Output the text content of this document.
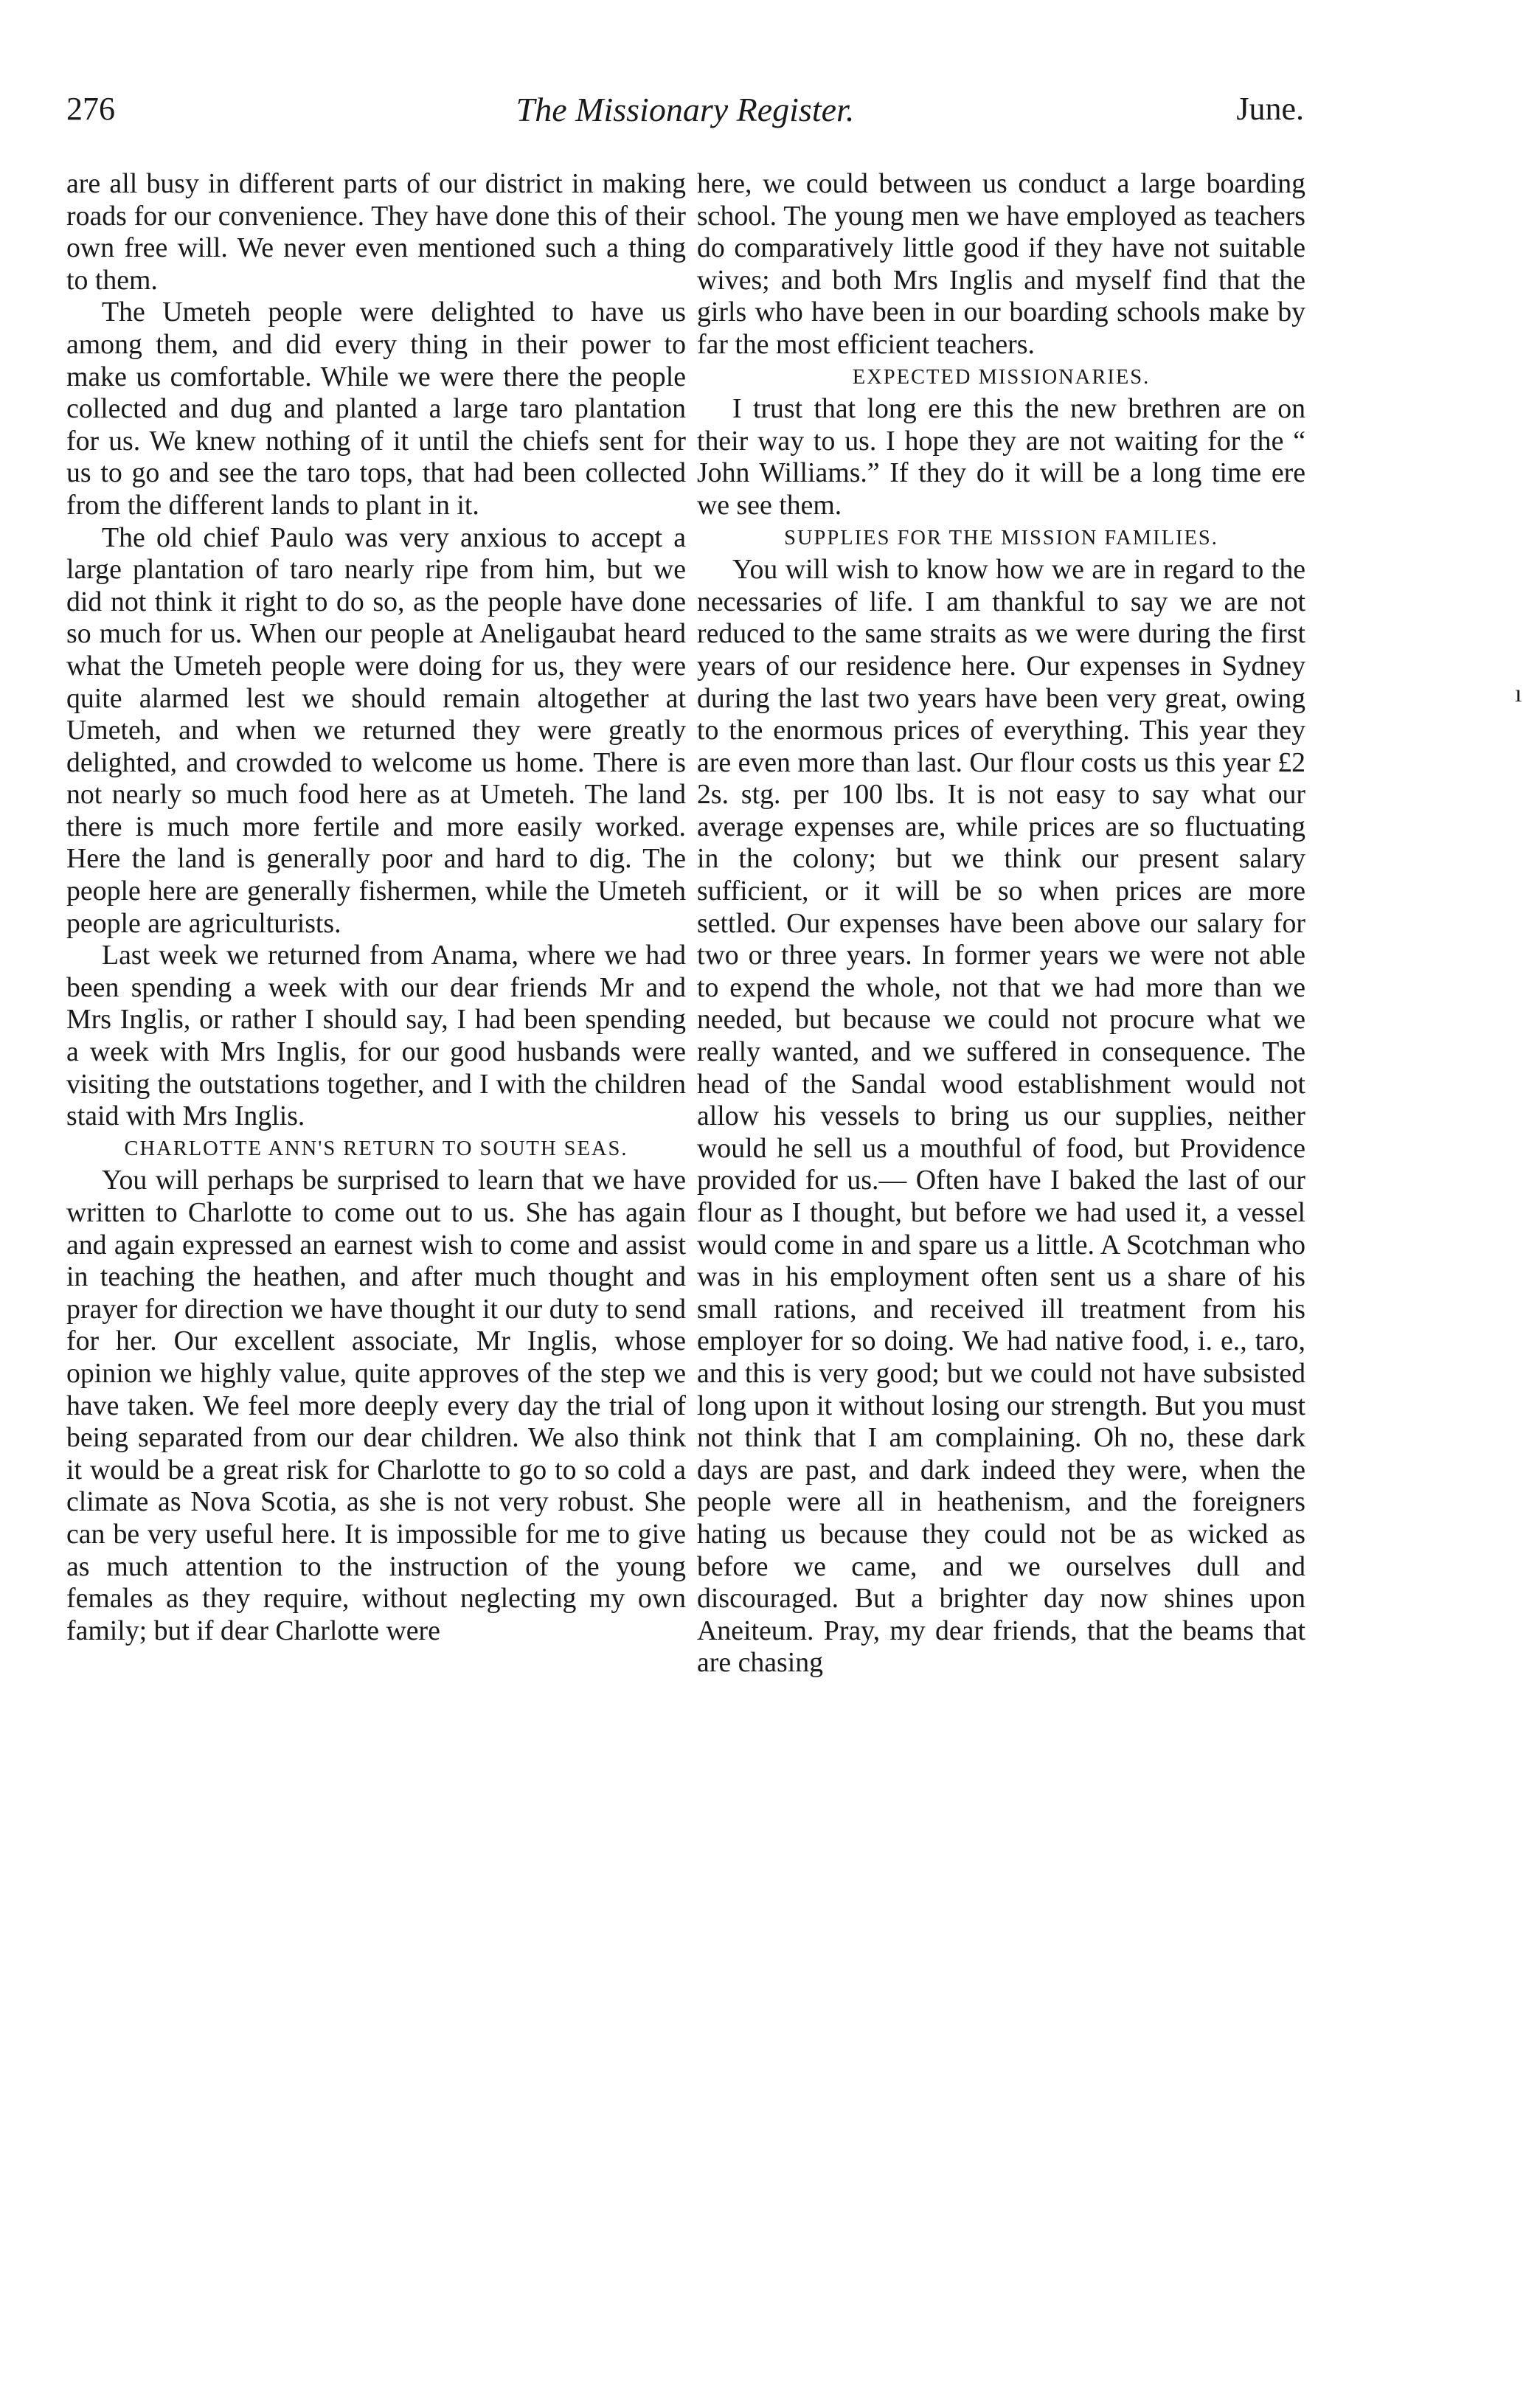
276	The Missionary Register.	June.

are all busy in different parts of our district in making roads for our convenience. They have done this of their own free will. We never even mentioned such a thing to them.

The Umeteh people were delighted to have us among them, and did every thing in their power to make us comfortable. While we were there the people collected and dug and planted a large taro plantation for us. We knew nothing of it until the chiefs sent for us to go and see the taro tops, that had been collected from the different lands to plant in it.

The old chief Paulo was very anxious to accept a large plantation of taro nearly ripe from him, but we did not think it right to do so, as the people have done so much for us. When our people at Aneligaubat heard what the Umeteh people were doing for us, they were quite alarmed lest we should remain altogether at Umeteh, and when we returned they were greatly delighted, and crowded to welcome us home. There is not nearly so much food here as at Umeteh. The land there is much more fertile and more easily worked. Here the land is generally poor and hard to dig. The people here are generally fishermen, while the Umeteh people are agriculturists.

Last week we returned from Anama, where we had been spending a week with our dear friends Mr and Mrs Inglis, or rather I should say, I had been spending a week with Mrs Inglis, for our good husbands were visiting the outstations together, and I with the children staid with Mrs Inglis.

CHARLOTTE ANN'S RETURN TO SOUTH SEAS.

You will perhaps be surprised to learn that we have written to Charlotte to come out to us. She has again and again expressed an earnest wish to come and assist in teaching the heathen, and after much thought and prayer for direction we have thought it our duty to send for her. Our excellent associate, Mr Inglis, whose opinion we highly value, quite approves of the step we have taken. We feel more deeply every day the trial of being separated from our dear children. We also think it would be a great risk for Charlotte to go to so cold a climate as Nova Scotia, as she is not very robust. She can be very useful here. It is impossible for me to give as much attention to the instruction of the young females as they require, without neglecting my own family; but if dear Charlotte were

here, we could between us conduct a large boarding school. The young men we have employed as teachers do comparatively little good if they have not suitable wives; and both Mrs Inglis and myself find that the girls who have been in our boarding schools make by far the most efficient teachers.

EXPECTED MISSIONARIES.

I trust that long ere this the new brethren are on their way to us. I hope they are not waiting for the “ John Williams.” If they do it will be a long time ere we see them.

SUPPLIES FOR THE MISSION FAMILIES.

You will wish to know how we are in regard to the necessaries of life. I am thankful to say we are not reduced to the same straits as we were during the first years of our residence here. Our expenses in Sydney during the last two years have been very great, owing to the enormous prices of everything. This year they are even more than last. Our flour costs us this year £2 2s. stg. per 100 lbs. It is not easy to say what our average expenses are, while prices are so fluctuating in the colony; but we think our present salary sufficient, or it will be so when prices are more settled. Our expenses have been above our salary for two or three years. In former years we were not able to expend the whole, not that we had more than we needed, but because we could not procure what we really wanted, and we suffered in consequence. The head of the Sandal wood establishment would not allow his vessels to bring us our supplies, neither would he sell us a mouthful of food, but Providence provided for us.— Often have I baked the last of our flour as I thought, but before we had used it, a vessel would come in and spare us a little. A Scotchman who was in his employment often sent us a share of his small rations, and received ill treatment from his employer for so doing. We had native food, i. e., taro, and this is very good; but we could not have subsisted long upon it without losing our strength. But you must not think that I am complaining. Oh no, these dark days are past, and dark indeed they were, when the people were all in heathenism, and the foreigners hating us because they could not be as wicked as before we came, and we ourselves dull and discouraged. But a brighter day now shines upon Aneiteum. Pray, my dear friends, that the beams that are chasing

ı
